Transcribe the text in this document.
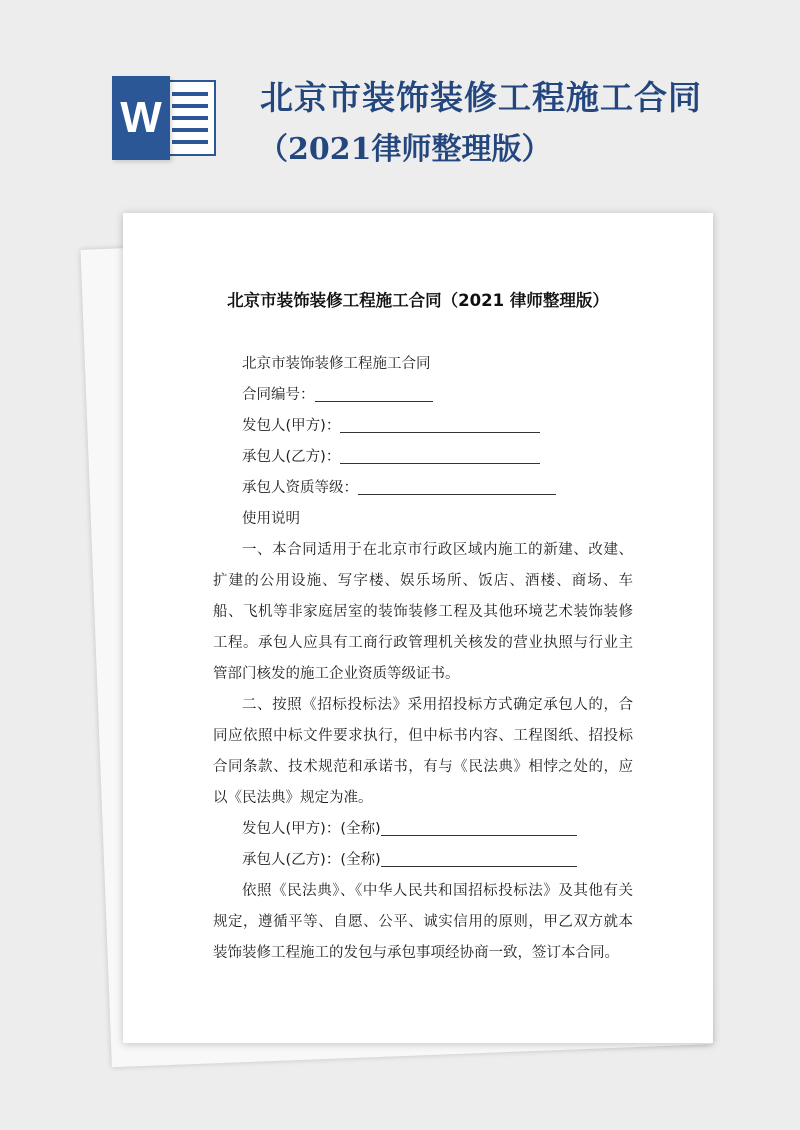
W	北京市装饰装修工程施工合同
（2021律师整理版）
北京市装饰装修工程施工合同（2021 律师整理版）

北京市装饰装修工程施工合同

合同编号：

发包人(甲方)：

承包人(乙方)：

承包人资质等级：

使用说明

一、本合同适用于在北京市行政区域内施工的新建、改建、扩建的公用设施、写字楼、娱乐场所、饭店、酒楼、商场、车船、飞机等非家庭居室的装饰装修工程及其他环境艺术装饰装修工程。承包人应具有工商行政管理机关核发的营业执照与行业主管部门核发的施工企业资质等级证书。

二、按照《招标投标法》采用招投标方式确定承包人的，合同应依照中标文件要求执行，但中标书内容、工程图纸、招投标合同条款、技术规范和承诺书，有与《民法典》相悖之处的，应以《民法典》规定为准。

发包人(甲方)：(全称)

承包人(乙方)：(全称)

依照《民法典》、《中华人民共和国招标投标法》及其他有关规定，遵循平等、自愿、公平、诚实信用的原则，甲乙双方就本装饰装修工程施工的发包与承包事项经协商一致，签订本合同。
